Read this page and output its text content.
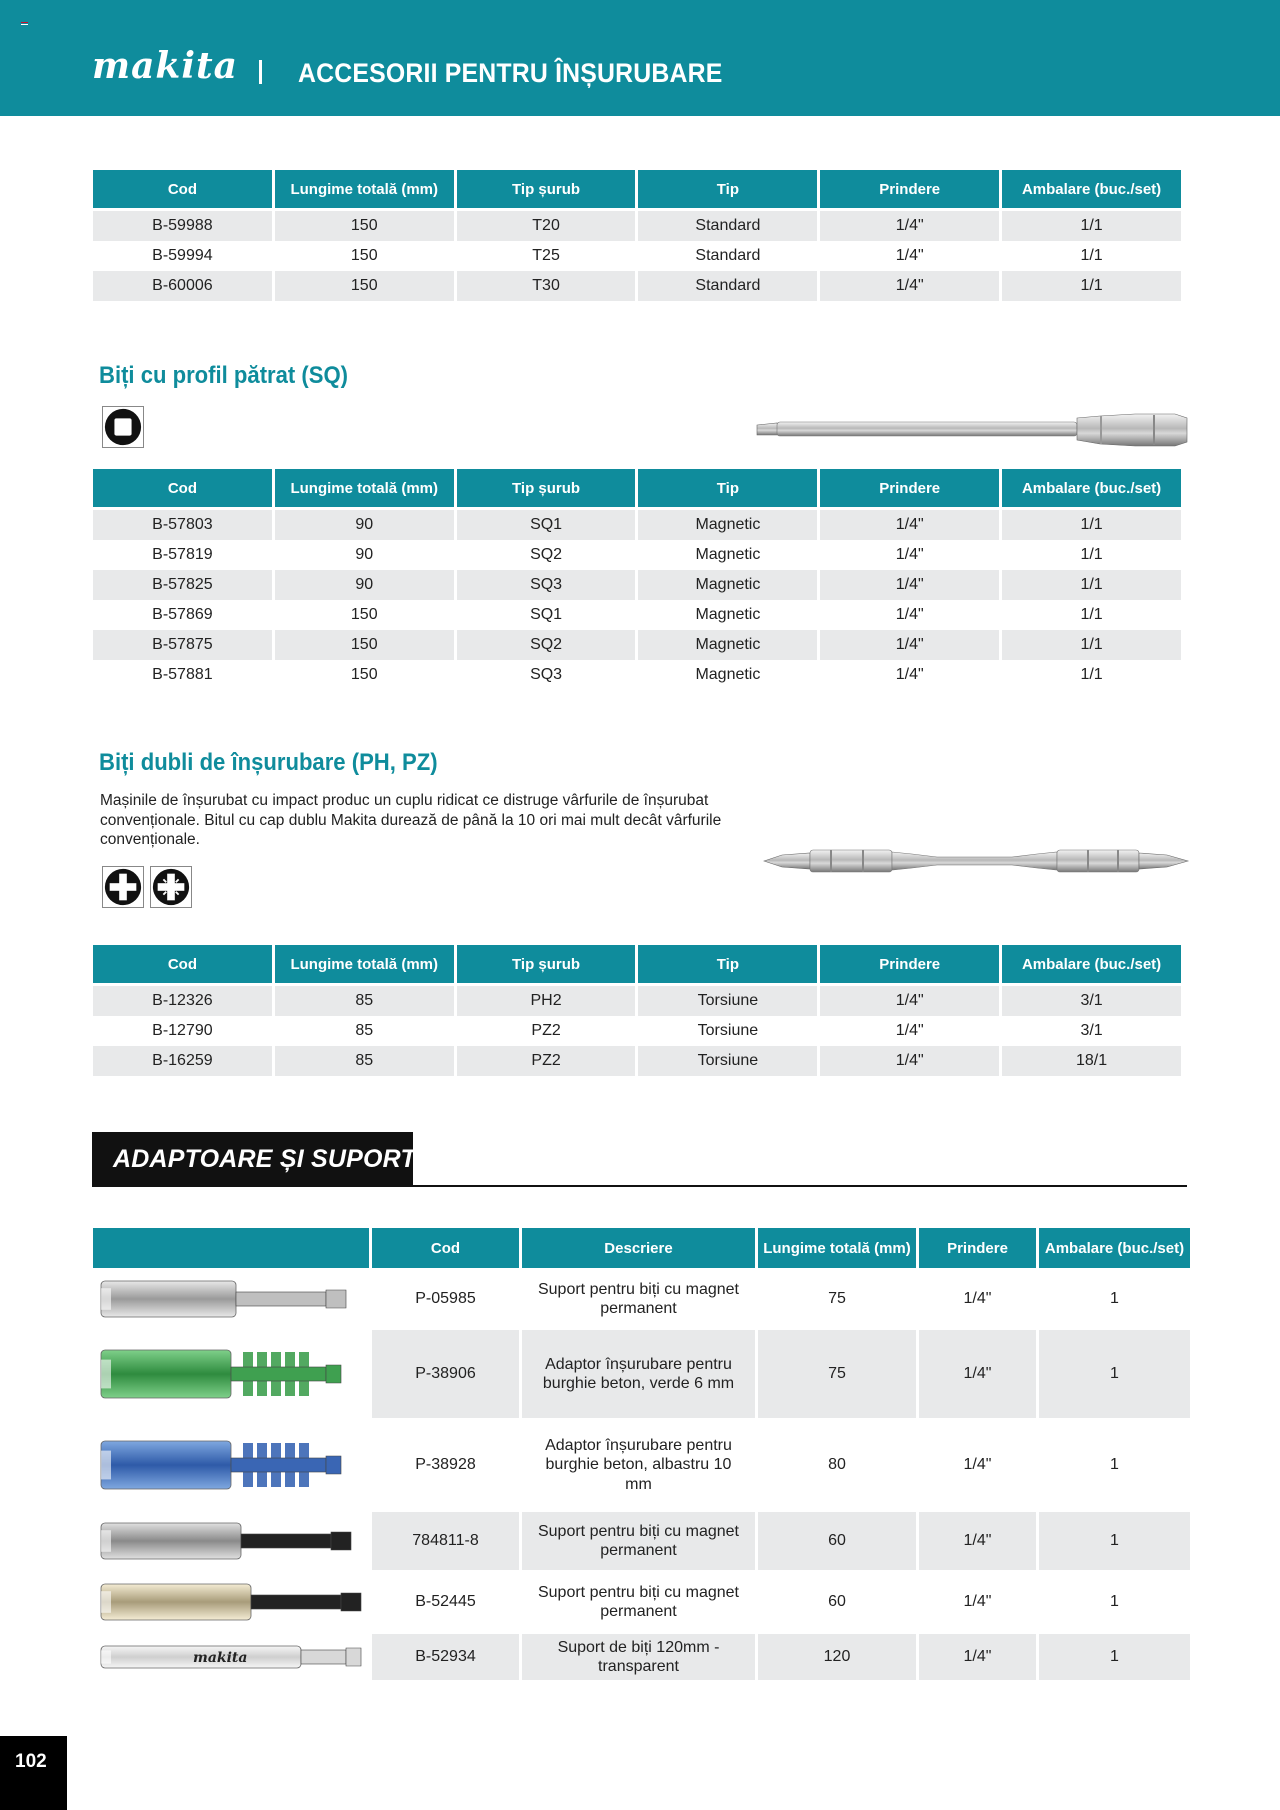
makita ACCESORII PENTRU ÎNȘURUBARE
Cod	Lungime totală (mm)	Tip șurub	Tip	Prindere	Ambalare (buc./set)
B-59988	150	T20	Standard	1/4"	1/1
B-59994	150	T25	Standard	1/4"	1/1
B-60006	150	T30	Standard	1/4"	1/1
Biți cu profil pătrat (SQ)
Cod	Lungime totală (mm)	Tip șurub	Tip	Prindere	Ambalare (buc./set)
B-57803	90	SQ1	Magnetic	1/4"	1/1
B-57819	90	SQ2	Magnetic	1/4"	1/1
B-57825	90	SQ3	Magnetic	1/4"	1/1
B-57869	150	SQ1	Magnetic	1/4"	1/1
B-57875	150	SQ2	Magnetic	1/4"	1/1
B-57881	150	SQ3	Magnetic	1/4"	1/1
Biți dubli de înșurubare (PH, PZ)
Mașinile de înșurubat cu impact produc un cuplu ridicat ce distruge vârfurile de înșurubat convenționale. Bitul cu cap dublu Makita durează de până la 10 ori mai mult decât vârfurile convenționale.
Cod	Lungime totală (mm)	Tip șurub	Tip	Prindere	Ambalare (buc./set)
B-12326	85	PH2	Torsiune	1/4"	3/1
B-12790	85	PZ2	Torsiune	1/4"	3/1
B-16259	85	PZ2	Torsiune	1/4"	18/1
ADAPTOARE ȘI SUPORTURI
	Cod	Descriere	Lungime totală (mm)	Prindere	Ambalare (buc./set)

	P-05985	Suport pentru biți cu magnet permanent	75	1/4"	1

	P-38906	Adaptor înșurubare pentru burghie beton, verde 6 mm	75	1/4"	1

	P-38928	Adaptor înșurubare pentru burghie beton, albastru 10 mm	80	1/4"	1

	784811-8	Suport pentru biți cu magnet permanent	60	1/4"	1

	B-52445	Suport pentru biți cu magnet permanent	60	1/4"	1

makita	B-52934	Suport de biți 120mm - transparent	120	1/4"	1
102
